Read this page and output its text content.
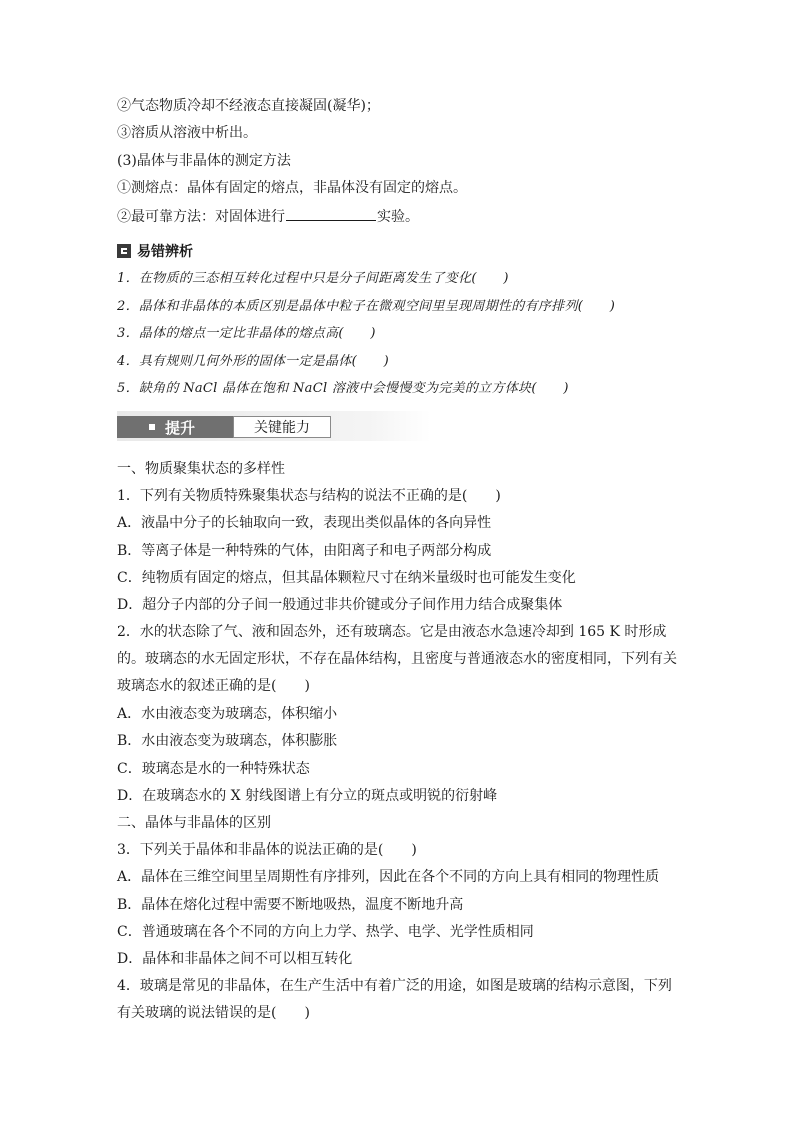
②气态物质冷却不经液态直接凝固(凝华)；
③溶质从溶液中析出。
(3)晶体与非晶体的测定方法
①测熔点：晶体有固定的熔点，非晶体没有固定的熔点。
②最可靠方法：对固体进行	实验。
易错辨析
1．在物质的三态相互转化过程中只是分子间距离发生了变化(　　)
2．晶体和非晶体的本质区别是晶体中粒子在微观空间里呈现周期性的有序排列(　　)
3．晶体的熔点一定比非晶体的熔点高(　　)
4．具有规则几何外形的固体一定是晶体(　　)
5．缺角的 NaCl 晶体在饱和 NaCl 溶液中会慢慢变为完美的立方体块(　　)
提升	关键能力
一、物质聚集状态的多样性
1．下列有关物质特殊聚集状态与结构的说法不正确的是(　　)
A．液晶中分子的长轴取向一致，表现出类似晶体的各向异性
B．等离子体是一种特殊的气体，由阳离子和电子两部分构成
C．纯物质有固定的熔点，但其晶体颗粒尺寸在纳米量级时也可能发生变化
D．超分子内部的分子间一般通过非共价键或分子间作用力结合成聚集体
2．水的状态除了气、液和固态外，还有玻璃态。它是由液态水急速冷却到 165 K 时形成的。玻璃态的水无固定形状，不存在晶体结构，且密度与普通液态水的密度相同，下列有关玻璃态水的叙述正确的是(　　)
A．水由液态变为玻璃态，体积缩小
B．水由液态变为玻璃态，体积膨胀
C．玻璃态是水的一种特殊状态
D．在玻璃态水的 X 射线图谱上有分立的斑点或明锐的衍射峰
二、晶体与非晶体的区别
3．下列关于晶体和非晶体的说法正确的是(　　)
A．晶体在三维空间里呈周期性有序排列，因此在各个不同的方向上具有相同的物理性质
B．晶体在熔化过程中需要不断地吸热，温度不断地升高
C．普通玻璃在各个不同的方向上力学、热学、电学、光学性质相同
D．晶体和非晶体之间不可以相互转化
4．玻璃是常见的非晶体，在生产生活中有着广泛的用途，如图是玻璃的结构示意图，下列有关玻璃的说法错误的是(　　)
